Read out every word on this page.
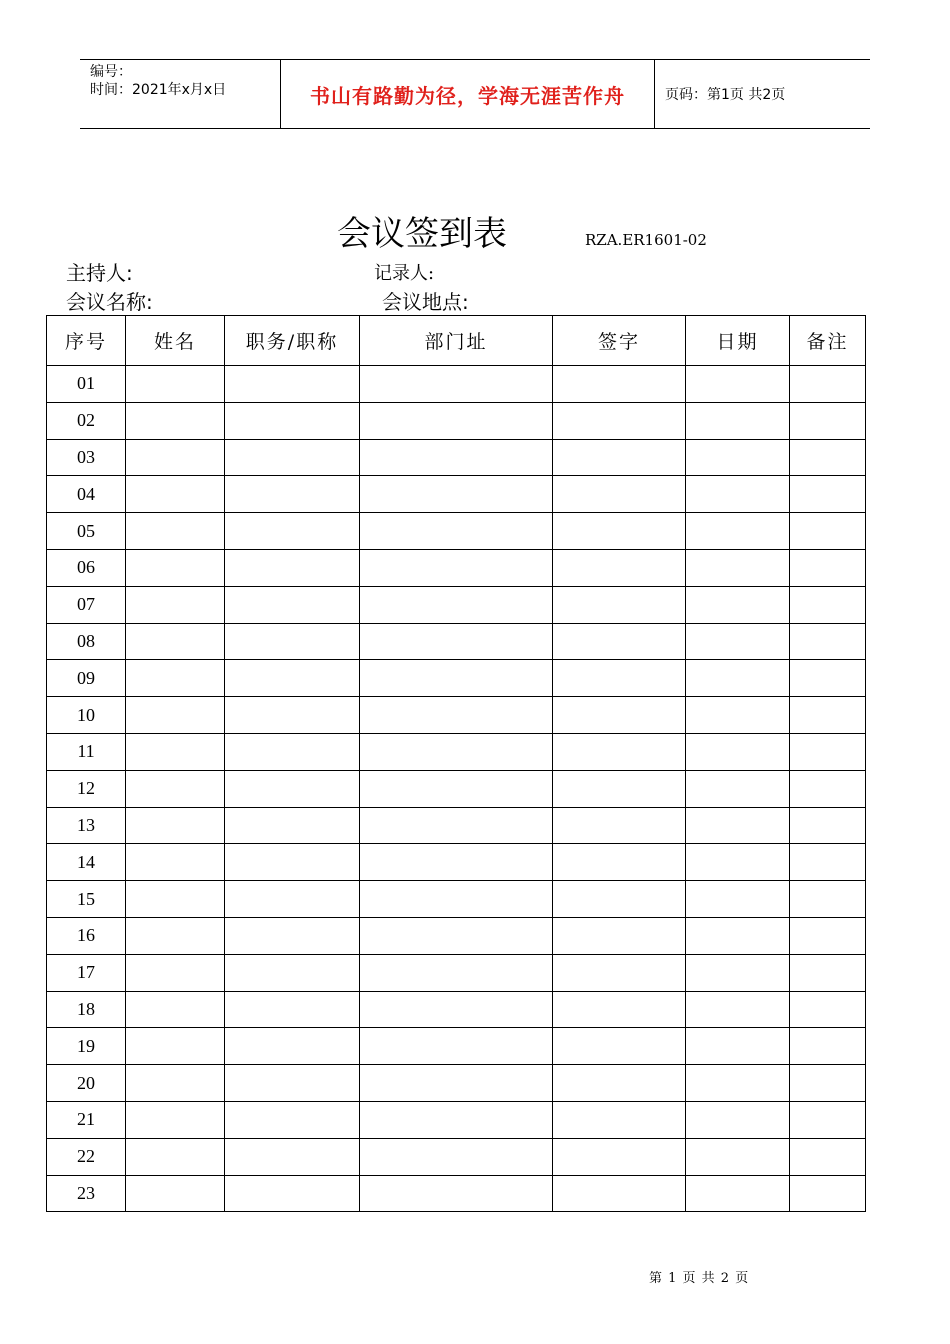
编号：
时间：2021年x月x日	书山有路勤为径，学海无涯苦作舟	页码：第1页 共2页
会议签到表	RZA.ER1601-02
主持人:	记录人:
会议名称:	会议地点:
序号	姓名	职务/职称	部门址	签字	日期	备注
01						
02						
03						
04						
05						
06						
07						
08						
09						
10						
11						
12						
13						
14						
15						
16						
17						
18						
19						
20						
21						
22						
23						
第 1 页 共 2 页
